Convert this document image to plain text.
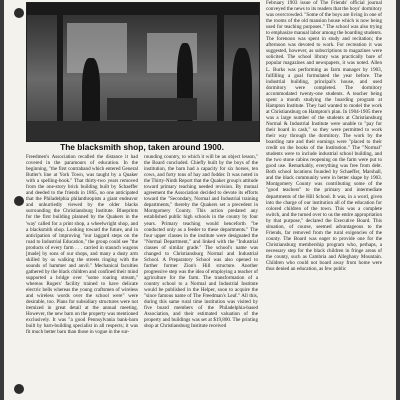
The blacksmith shop, taken around 1900.
Freedmen's Association recalled the distance it had covered in the paramours of education. In the beginning, "the first contraband which entered General Butler's line at York Town, was taught by a Quaker with a spelling-book." That thirty-two years removed from the one-story brick building built by Schaeffer and deeded to the friends in 1865, no one anticipated that the Philadelphia philanthropists a giant endeavor and unhurriedly viewed by the older blacks surrounding the Christiansburg Institute. Blueprints for the first building planned by the Quakers in the 'way' called for a print shop, a wheelwright shop, and a blacksmith shop. Looking toward the future, and in anticipation of improving "our laggard steps on the road to Industrial Education," the group could see "the products of every farm . . . carried in staunch wagons [made] by sons of our shops, and many a dusty arm skilled by us walking the streets ringing with the sounds of hammer and anvil." Mechanical faculties gathered by the black children and confined their mind supported a bridge over "some roaring stream," whereas Rogers' facility trained to have delicate electric bells whereas the young craftsmen of wireless and wireless words over the school were" were desirable, too. Plans for subsidiary structures were not itemized in great detail at the annual meeting. However, the new barn on the property was mentioned exclusively. It was "a good Pennsylvania bank-barn built by barn-building specialist in all respects; it was fit much better barn than those in vogue in the sur-
rounding country, to which it will be an object lesson," the Board concluded. Chiefly built by the boys of the institution, the barn had a capacity for six horses, ten cows, and forty tons of hay and fodder. It was noted in the Thirty-Ninth Report that the Quaker group's attitude toward primary teaching needed revision. By mutual agreement the Association decided to devote its efforts toward the "Secondary, Normal and Industrial training departments," thereby the Quakers set a precedent in Montgomery County. This action predated any established public high schools in the county by four years. Primary teaching would henceforth "be conducted only as a feeder to these departments." The four upper classes in the institute were designated the "Normal Department," and linked with the "Industrial classes of similar grade." The school's name was changed to Christiansburg Normal and Industrial School. A Preparatory School was also opened to further former Zion's Hill structure. Another progressive step was the idea of employing a teacher of agriculture for the farm. The transformation of a country school to a Normal and Industrial Institute would be published in the Helper, soon to acquire the "since famous name of The Freedman's Leaf." All this, during this same rural time institution was visited by five board members of the Philadelphia-based Association, and their estimated valuation of the property and buildings was set at $19,800. The printing shop at Christiansburg Institute received
February 1903 issue of The Friends' official journal conveyed the news to its readers that the boys' dormitory was overcrowded. "Some of the boys are living in one of the rooms of the old mansion house which is now being used for teaching purposes." The school was also trying to emphasize manual labor among the boarding students. The forenoon was spent in study and recitation; the afternoon was devoted to work. For recreation it was suggested, however, as subscriptions to magazines were solicited. The school library was practically bare of popular magazines and newspapers, it was noted. Allen L. Burks was performing as farm manager by 1903, fulfilling a goal formulated the year before. The industrial building, principal's house, and used dormitory were completed. The dormitory accommodated twenty-one students. A teacher being spent a month studying the boarding program at Hampton Institute. They had wanted to model the work at Christiansburg on Hampton's plan. In 1904-1905 there was a large number of the students at Christiansburg Normal & Industrial Institute were unable to "pay for their board in cash," so they were permitted to work their way through the dormitory. The work by the boarding rate and their earnings were "placed to their credit on the books of the Institution." The "Normal" students were to include industrial school building, and the two stone cabins reopening on the farm were put to good use. Remarkably, everything was free from debt. Both school locations founded by Schaeffer, Marshall, and the black community were in better shape by 1903. Montgomery County was contributing some of the "good teachers" to the primary and intermediate departments of the Hill School. It was, in a word, given into the charge of our institution all of the education for colored children of the town. This was a complete switch, and the turned over to us the entire appropriation by that purpose," declared the Executive Board. This situation, of course, seemed advantageous to the Friends, far removed from the rural exigencies of the county. The Board was eager to provide one for the Christiansburg membership program who, perhaps, a necessary step for the black children in fringe areas of the county, such as Cambria and Alleghany Mountain. Children who could not board away from home were thus denied an education, as few public
